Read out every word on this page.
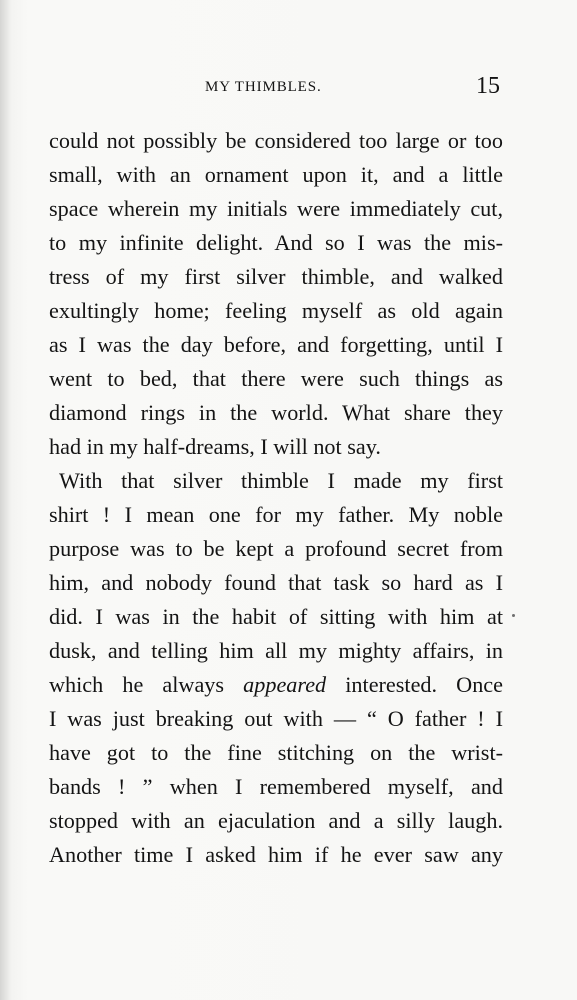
MY THIMBLES.	15
could not possibly be considered too large or too
small, with an ornament upon it, and a little
space wherein my initials were immediately cut,
to my infinite delight. And so I was the mis-
tress of my first silver thimble, and walked
exultingly home; feeling myself as old again
as I was the day before, and forgetting, until I
went to bed, that there were such things as
diamond rings in the world. What share they
had in my half-dreams, I will not say.
With that silver thimble I made my first
shirt ! I mean one for my father. My noble
purpose was to be kept a profound secret from
him, and nobody found that task so hard as I
did. I was in the habit of sitting with him at
dusk, and telling him all my mighty affairs, in
which he always appeared interested. Once
I was just breaking out with — “ O father ! I
have got to the fine stitching on the wrist-
bands ! ” when I remembered myself, and
stopped with an ejaculation and a silly laugh.
Another time I asked him if he ever saw any
